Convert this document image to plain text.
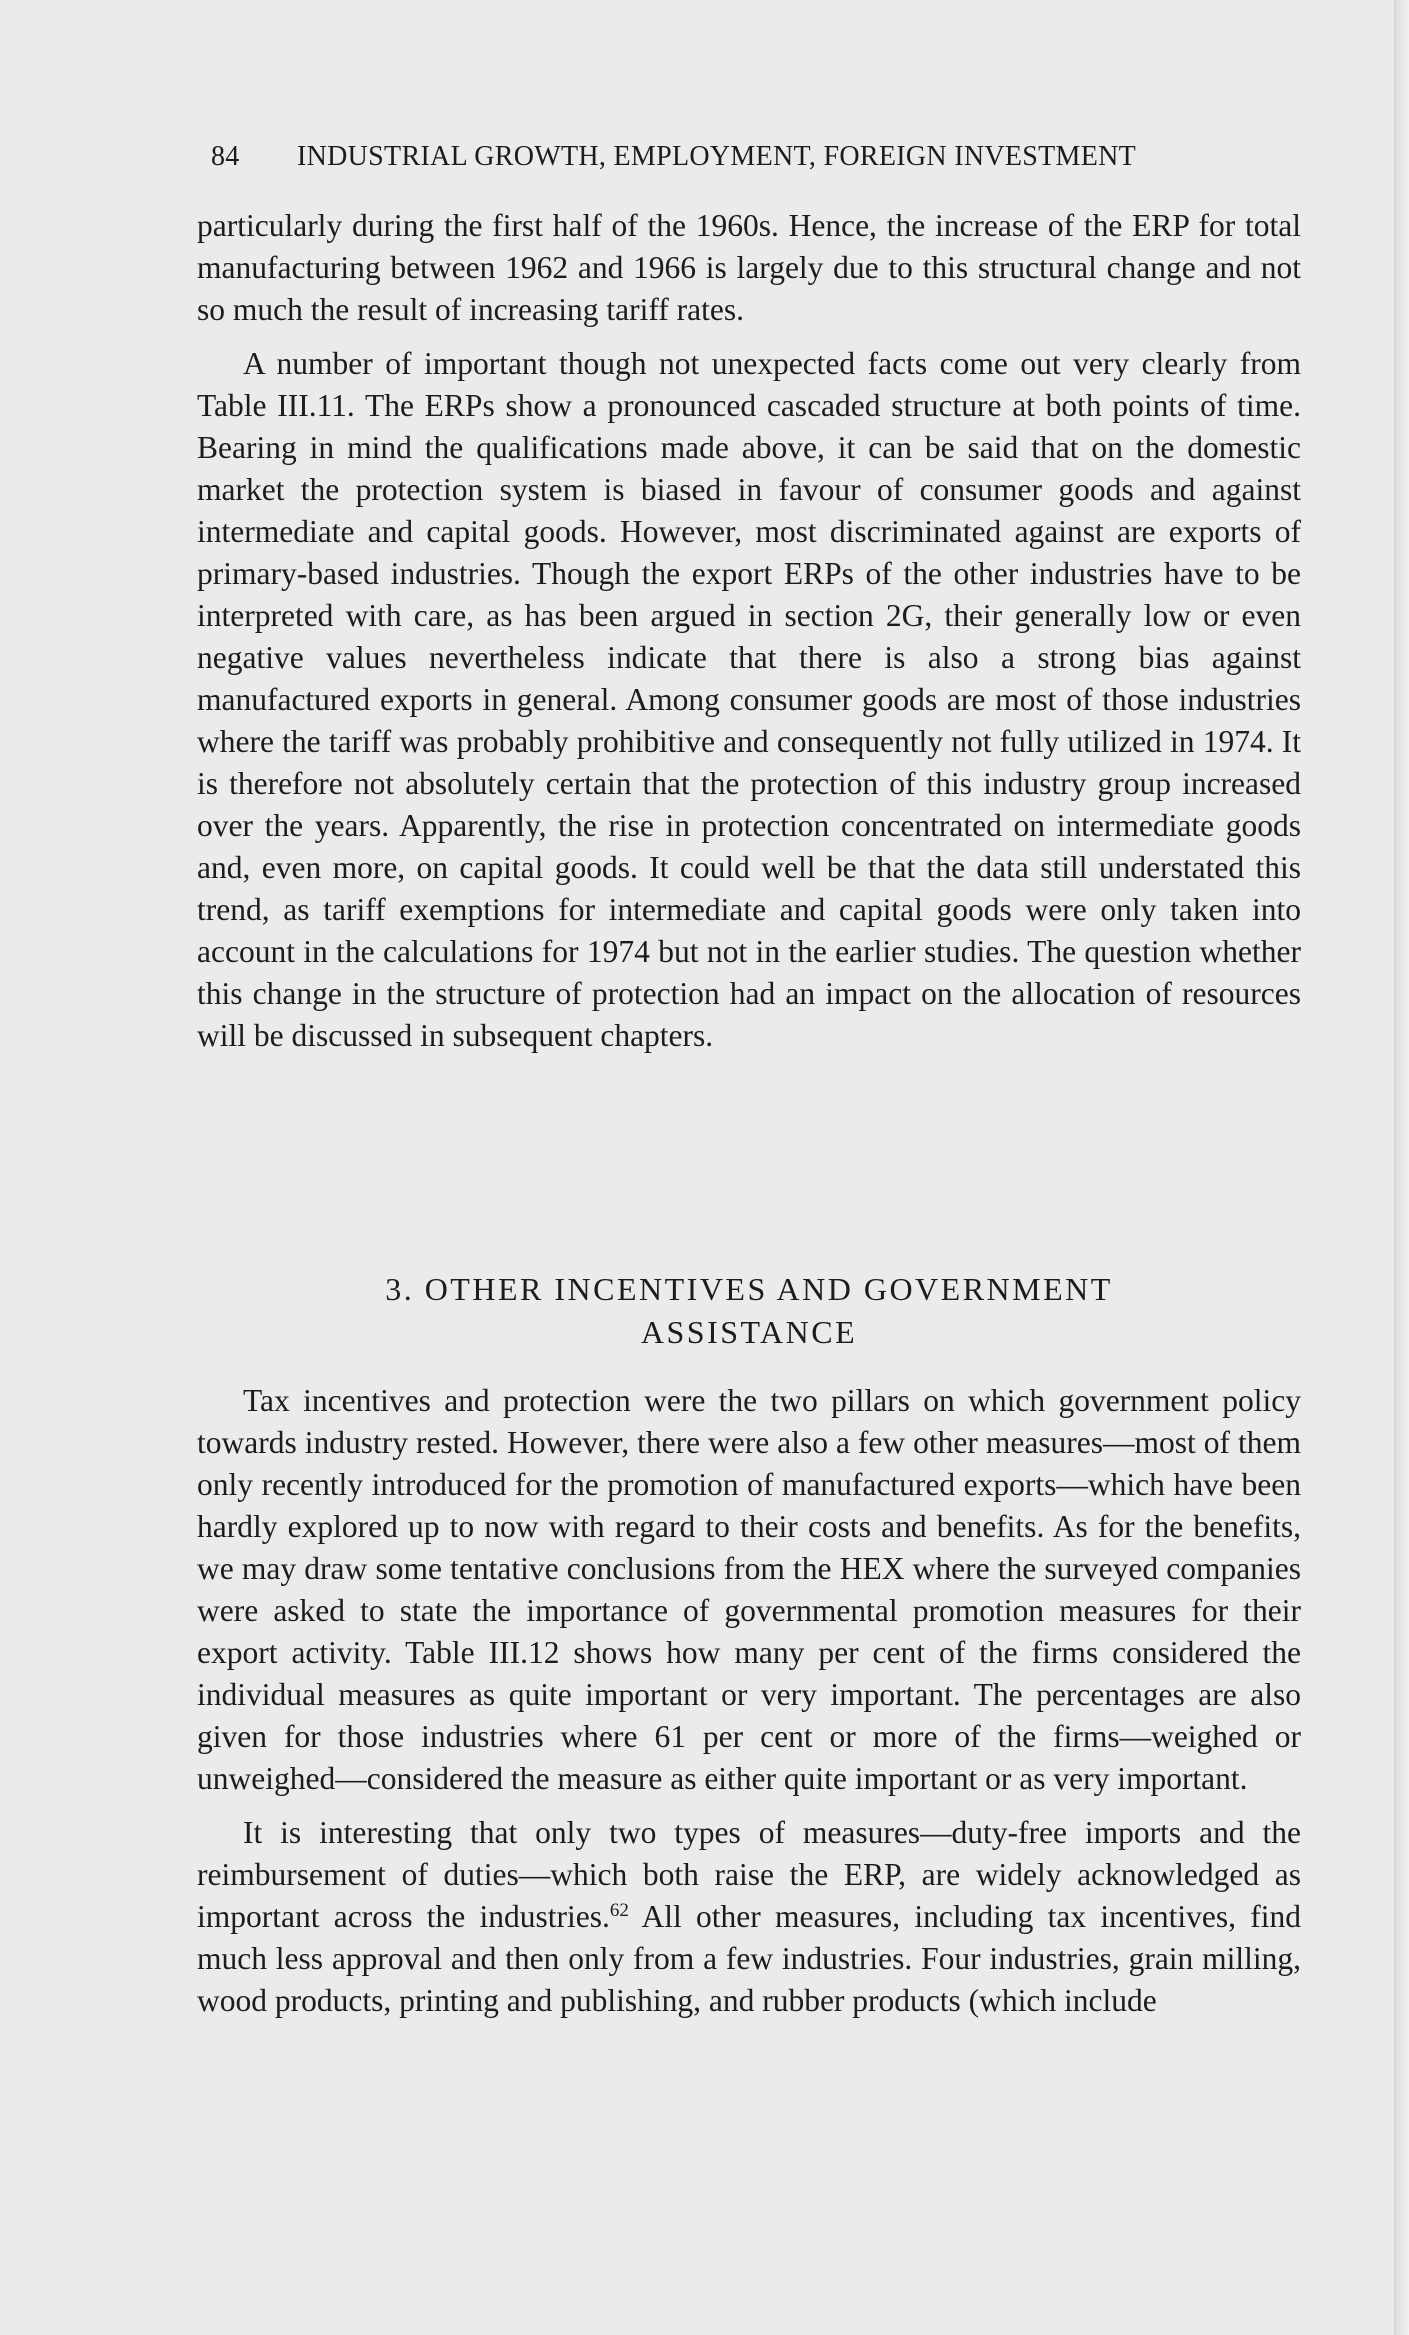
84 INDUSTRIAL GROWTH, EMPLOYMENT, FOREIGN INVESTMENT

particularly during the first half of the 1960s. Hence, the increase of the ERP for total manufacturing between 1962 and 1966 is largely due to this structural change and not so much the result of increasing tariff rates.

A number of important though not unexpected facts come out very clearly from Table III.11. The ERPs show a pronounced cascaded structure at both points of time. Bearing in mind the qualifications made above, it can be said that on the domestic market the protection system is biased in favour of consumer goods and against intermediate and capital goods. However, most discriminated against are exports of primary-based industries. Though the export ERPs of the other industries have to be interpreted with care, as has been argued in section 2G, their generally low or even negative values nevertheless indicate that there is also a strong bias against manufactured exports in general. Among consumer goods are most of those industries where the tariff was probably prohibitive and consequently not fully utilized in 1974. It is therefore not absolutely certain that the protection of this industry group increased over the years. Apparently, the rise in protection concentrated on intermediate goods and, even more, on capital goods. It could well be that the data still understated this trend, as tariff exemptions for intermediate and capital goods were only taken into account in the calculations for 1974 but not in the earlier studies. The question whether this change in the structure of protection had an impact on the allocation of resources will be discussed in subsequent chapters.

3. OTHER INCENTIVES AND GOVERNMENT
ASSISTANCE

Tax incentives and protection were the two pillars on which government policy towards industry rested. However, there were also a few other measures—most of them only recently introduced for the promotion of manufactured exports—which have been hardly explored up to now with regard to their costs and benefits. As for the benefits, we may draw some tentative conclusions from the HEX where the surveyed companies were asked to state the importance of governmental promotion measures for their export activity. Table III.12 shows how many per cent of the firms considered the individual measures as quite important or very important. The percentages are also given for those industries where 61 per cent or more of the firms—weighed or unweighed—considered the measure as either quite important or as very important.

It is interesting that only two types of measures—duty-free imports and the reimbursement of duties—which both raise the ERP, are widely acknowledged as important across the industries.$^{62}$ All other measures, including tax incentives, find much less approval and then only from a few industries. Four industries, grain milling, wood products, printing and publishing, and rubber products (which include
